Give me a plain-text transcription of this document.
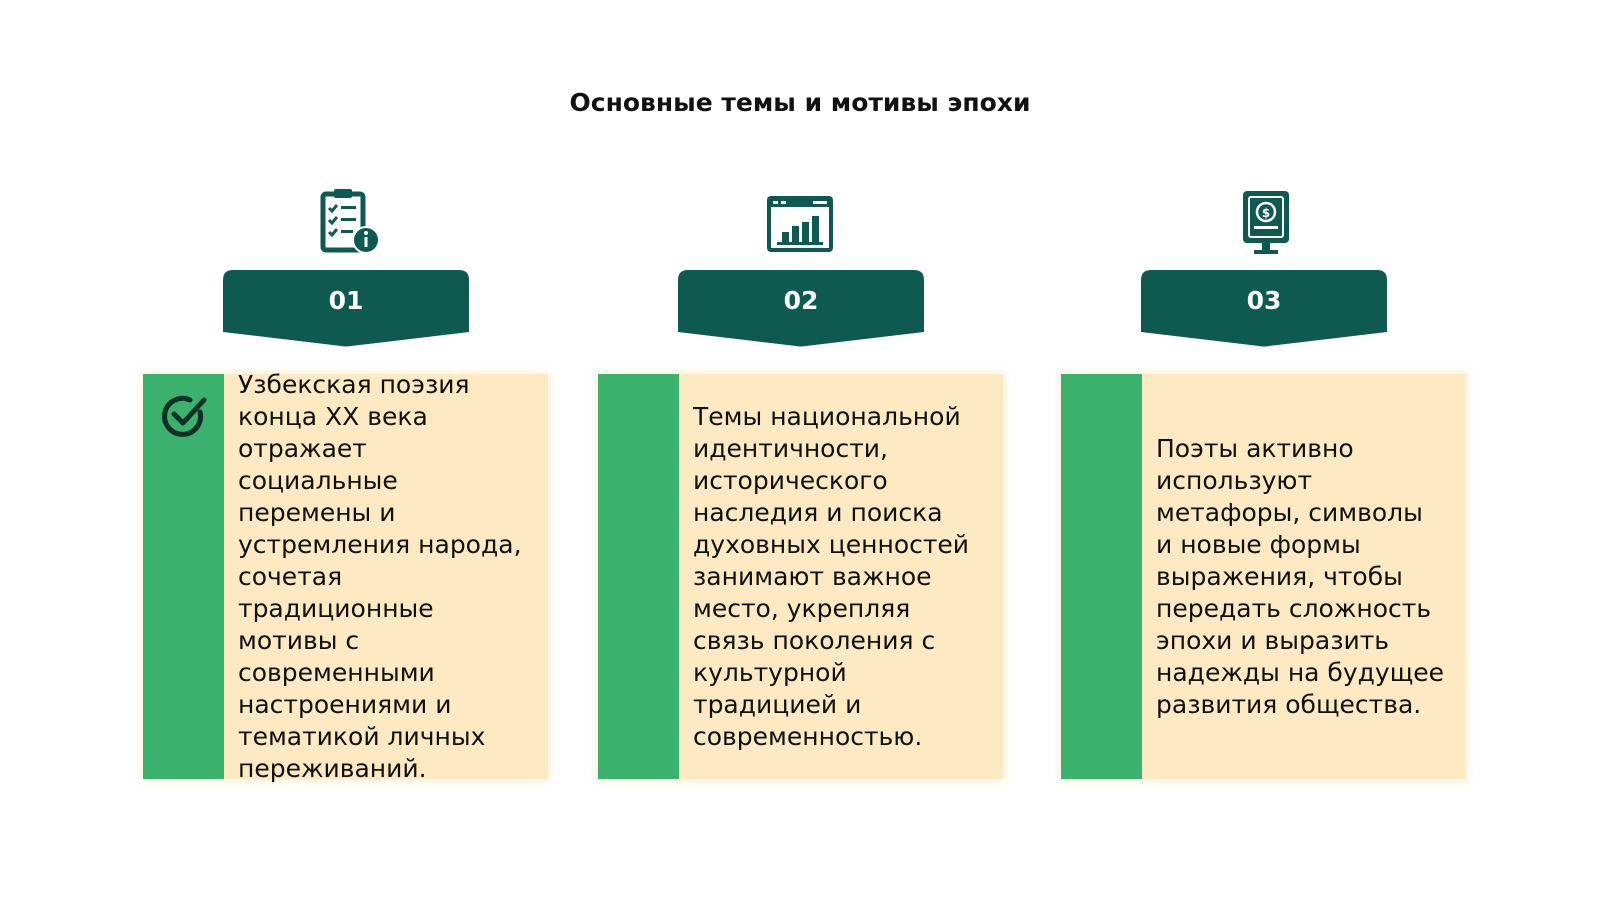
Основные темы и мотивы эпохи
01
Узбекская поэзия
конца XX века
отражает
социальные
перемены и
устремления народа,
сочетая
традиционные
мотивы с
современными
настроениями и
тематикой личных
переживаний.
02
Темы национальной
идентичности,
исторического
наследия и поиска
духовных ценностей
занимают важное
место, укрепляя
связь поколения с
культурной
традицией и
современностью.
$
03
Поэты активно
используют
метафоры, символы
и новые формы
выражения, чтобы
передать сложность
эпохи и выразить
надежды на будущее
развития общества.
